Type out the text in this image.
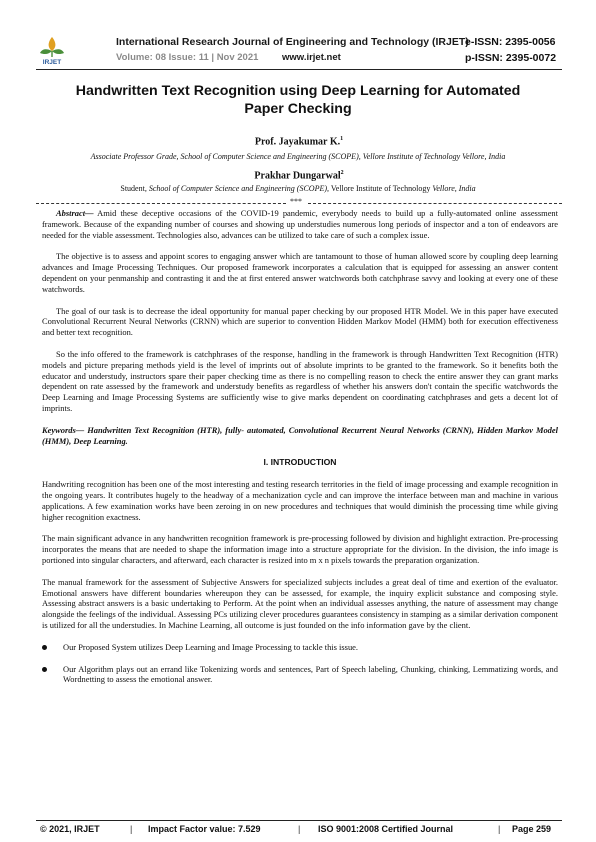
IRJET
International Research Journal of Engineering and Technology (IRJET)
Volume: 08 Issue: 11 | Nov 2021 www.irjet.net
e-ISSN: 2395-0056
p-ISSN: 2395-0072
Handwritten Text Recognition using Deep Learning for Automated
Paper Checking
Prof. Jayakumar K.$^1$
Associate Professor Grade, School of Computer Science and Engineering (SCOPE), Vellore Institute of Technology Vellore, India
Prakhar Dungarwal$^2$
Student, School of Computer Science and Engineering (SCOPE), Vellore Institute of Technology Vellore, India
***

Abstract— Amid these deceptive occasions of the COVID-19 pandemic, everybody needs to build up a fully-automated online assessment framework. Because of the expanding number of courses and showing up understudies numerous long periods of inspector and a ton of endeavors are needed for the viable assessment. Technologies also, advances can be utilized to take care of such a complex issue.

The objective is to assess and appoint scores to engaging answer which are tantamount to those of human allowed score by coupling deep learning advances and Image Processing Techniques. Our proposed framework incorporates a calculation that is equipped for assessing an answer content dependent on your penmanship and contrasting it and the at first entered answer watchwords both catchphrase savvy and looking at every one of these watchwords.

The goal of our task is to decrease the ideal opportunity for manual paper checking by our proposed HTR Model. We in this paper have executed Convolutional Recurrent Neural Networks (CRNN) which are superior to convention Hidden Markov Model (HMM) both for execution effectiveness and better text recognition.

So the info offered to the framework is catchphrases of the response, handling in the framework is through Handwritten Text Recognition (HTR) models and picture preparing methods yield is the level of imprints out of absolute imprints to be granted to the framework. So it benefits both the educator and understudy, instructors spare their paper checking time as there is no compelling reason to check the entire answer they can grant marks dependent on rate assessed by the framework and understudy benefits as regardless of whether his answers don't contain the specific watchwords the Deep Learning and Image Processing Systems are sufficiently wise to give marks dependent on coordinating catchphrases and gets a decent lot of imprints.

Keywords— Handwritten Text Recognition (HTR), fully- automated, Convolutional Recurrent Neural Networks (CRNN), Hidden Markov Model (HMM), Deep Learning.

I. INTRODUCTION

Handwriting recognition has been one of the most interesting and testing research territories in the field of image processing and example recognition in the ongoing years. It contributes hugely to the headway of a mechanization cycle and can improve the interface between man and machine in various applications. A few examination works have been zeroing in on new procedures and techniques that would diminish the processing time while giving higher recognition exactness.

The main significant advance in any handwritten recognition framework is pre-processing followed by division and highlight extraction. Pre-processing incorporates the means that are needed to shape the information image into a structure appropriate for the division. In the division, the info image is portioned into singular characters, and afterward, each character is resized into m x n pixels towards the preparation organization.

The manual framework for the assessment of Subjective Answers for specialized subjects includes a great deal of time and exertion of the evaluator. Emotional answers have different boundaries whereupon they can be assessed, for example, the inquiry explicit substance and composing style. Assessing abstract answers is a basic undertaking to Perform. At the point when an individual assesses anything, the nature of assessment may change alongside the feelings of the individual. Assessing PCs utilizing clever procedures guarantees consistency in stamping as a similar derivation component is utilized for all the understudies. In Machine Learning, all outcome is just founded on the info information gave by the client.

Our Proposed System utilizes Deep Learning and Image Processing to tackle this issue.
Our Algorithm plays out an errand like Tokenizing words and sentences, Part of Speech labeling, Chunking, chinking, Lemmatizing words, and Wordnetting to assess the emotional answer.
© 2021, IRJET	| Impact Factor value: 7.529	| ISO 9001:2008 Certified Journal	| Page 259
